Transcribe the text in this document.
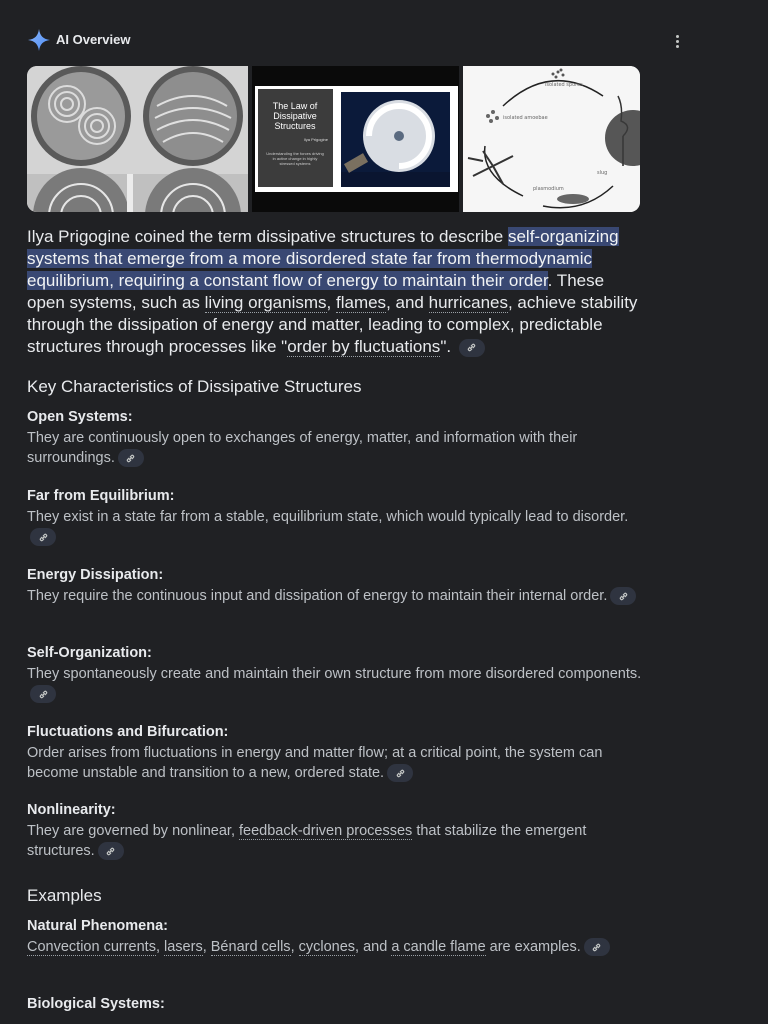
AI Overview
The Law of Dissipative Structures
Ilya Prigogine
Understanding the forces driving in active change in highly stressed systems
isolated spores
isolated amoebae
plasmodium
slug
Ilya Prigogine coined the term dissipative structures to describe self-organizing systems that emerge from a more disordered state far from thermodynamic equilibrium, requiring a constant flow of energy to maintain their order. These open systems, such as living organisms, flames, and hurricanes, achieve stability through the dissipation of energy and matter, leading to complex, predictable structures through processes like "order by fluctuations".
Key Characteristics of Dissipative Structures
Open Systems:
They are continuously open to exchanges of energy, matter, and information with their surroundings.
Far from Equilibrium:
They exist in a state far from a stable, equilibrium state, which would typically lead to disorder.
Energy Dissipation:
They require the continuous input and dissipation of energy to maintain their internal order.
Self-Organization:
They spontaneously create and maintain their own structure from more disordered components.
Fluctuations and Bifurcation:
Order arises from fluctuations in energy and matter flow; at a critical point, the system can become unstable and transition to a new, ordered state.
Nonlinearity:
They are governed by nonlinear, feedback-driven processes that stabilize the emergent structures.
Examples
Natural Phenomena:
Convection currents, lasers, Bénard cells, cyclones, and a candle flame are examples.
Biological Systems:
